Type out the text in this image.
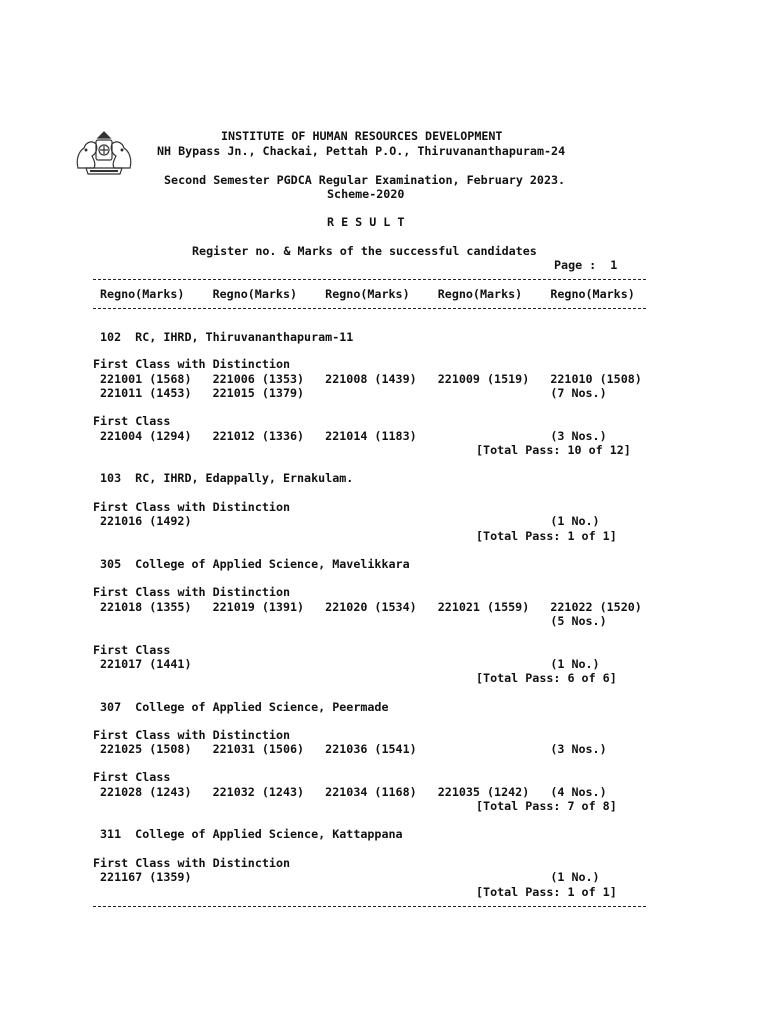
INSTITUTE OF HUMAN RESOURCES DEVELOPMENT
NH Bypass Jn., Chackai, Pettah P.O., Thiruvananthapuram-24
Second Semester PGDCA Regular Examination, February 2023.
Scheme-2020
R E S U L T
Register no. & Marks of the successful candidates
Page :  1
Regno(Marks)    Regno(Marks)    Regno(Marks)    Regno(Marks)    Regno(Marks)
102  RC, IHRD, Thiruvananthapuram-11
First Class with Distinction
221001 (1568)   221006 (1353)   221008 (1439)   221009 (1519)   221010 (1508)
221011 (1453)   221015 (1379)                                   (7 Nos.)
First Class
221004 (1294)   221012 (1336)   221014 (1183)                   (3 Nos.)
[Total Pass: 10 of 12]
103  RC, IHRD, Edappally, Ernakulam.
First Class with Distinction
221016 (1492)                                                   (1 No.)
[Total Pass: 1 of 1]
305  College of Applied Science, Mavelikkara
First Class with Distinction
221018 (1355)   221019 (1391)   221020 (1534)   221021 (1559)   221022 (1520)
(5 Nos.)
First Class
221017 (1441)                                                   (1 No.)
[Total Pass: 6 of 6]
307  College of Applied Science, Peermade
First Class with Distinction
221025 (1508)   221031 (1506)   221036 (1541)                   (3 Nos.)
First Class
221028 (1243)   221032 (1243)   221034 (1168)   221035 (1242)   (4 Nos.)
[Total Pass: 7 of 8]
311  College of Applied Science, Kattappana
First Class with Distinction
221167 (1359)                                                   (1 No.)
[Total Pass: 1 of 1]
